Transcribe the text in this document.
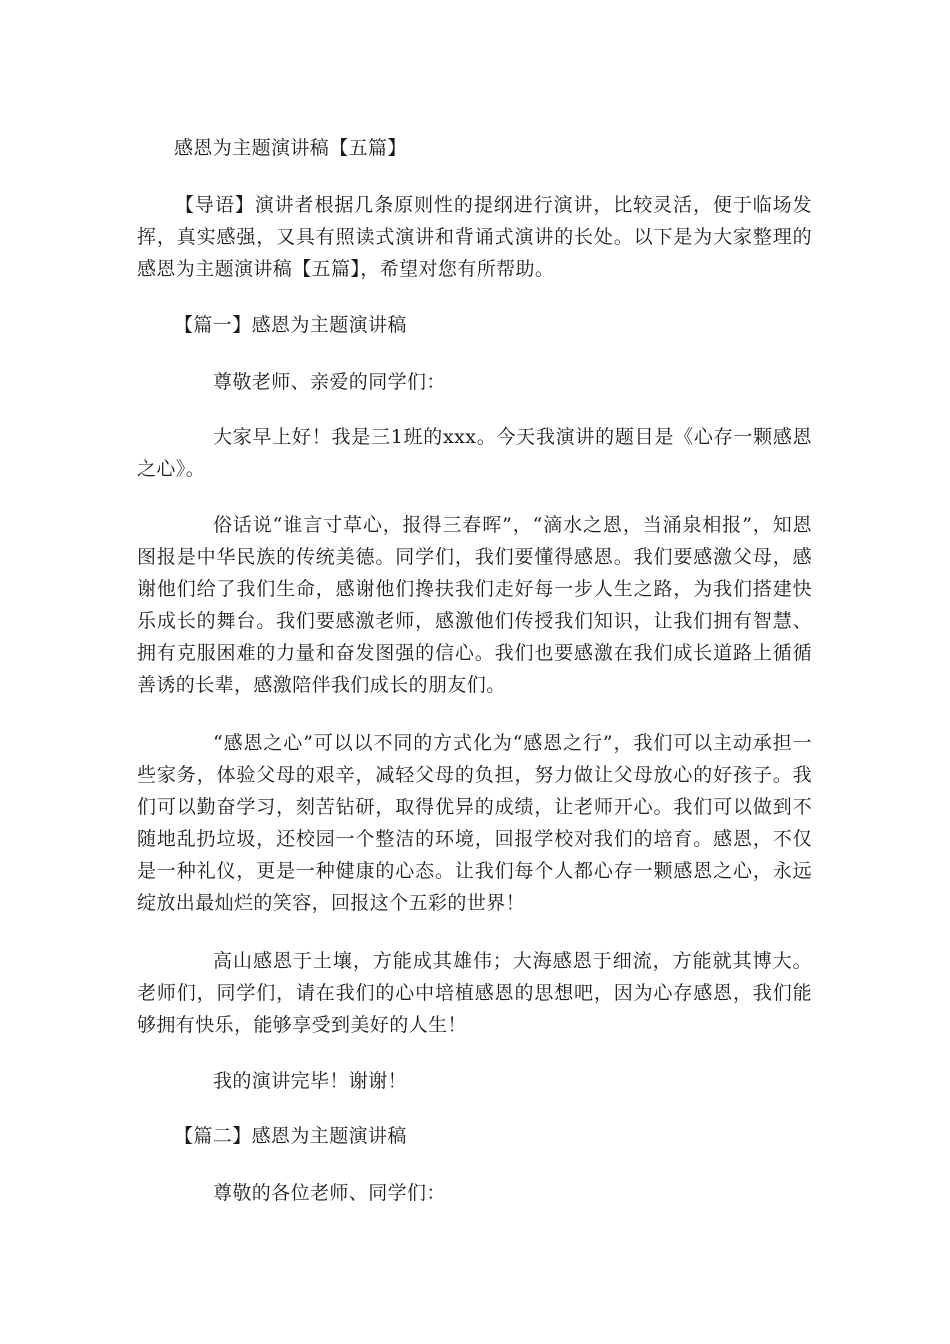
感恩为主题演讲稿【五篇】

【导语】演讲者根据几条原则性的提纲进行演讲，比较灵活，便于临场发挥，真实感强，又具有照读式演讲和背诵式演讲的长处。以下是为大家整理的感恩为主题演讲稿【五篇】，希望对您有所帮助。

【篇一】感恩为主题演讲稿

尊敬老师、亲爱的同学们：

大家早上好！我是三1班的xxx。今天我演讲的题目是《心存一颗感恩之心》。

俗话说“谁言寸草心，报得三春晖”，“滴水之恩，当涌泉相报”，知恩图报是中华民族的传统美德。同学们，我们要懂得感恩。我们要感激父母，感谢他们给了我们生命，感谢他们搀扶我们走好每一步人生之路，为我们搭建快乐成长的舞台。我们要感激老师，感激他们传授我们知识，让我们拥有智慧、拥有克服困难的力量和奋发图强的信心。我们也要感激在我们成长道路上循循善诱的长辈，感激陪伴我们成长的朋友们。

“感恩之心”可以以不同的方式化为“感恩之行”，我们可以主动承担一些家务，体验父母的艰辛，减轻父母的负担，努力做让父母放心的好孩子。我们可以勤奋学习，刻苦钻研，取得优异的成绩，让老师开心。我们可以做到不随地乱扔垃圾，还校园一个整洁的环境，回报学校对我们的培育。感恩，不仅是一种礼仪，更是一种健康的心态。让我们每个人都心存一颗感恩之心，永远绽放出最灿烂的笑容，回报这个五彩的世界！

高山感恩于土壤，方能成其雄伟；大海感恩于细流，方能就其博大。老师们，同学们，请在我们的心中培植感恩的思想吧，因为心存感恩，我们能够拥有快乐，能够享受到美好的人生！

我的演讲完毕！谢谢！

【篇二】感恩为主题演讲稿

尊敬的各位老师、同学们：
